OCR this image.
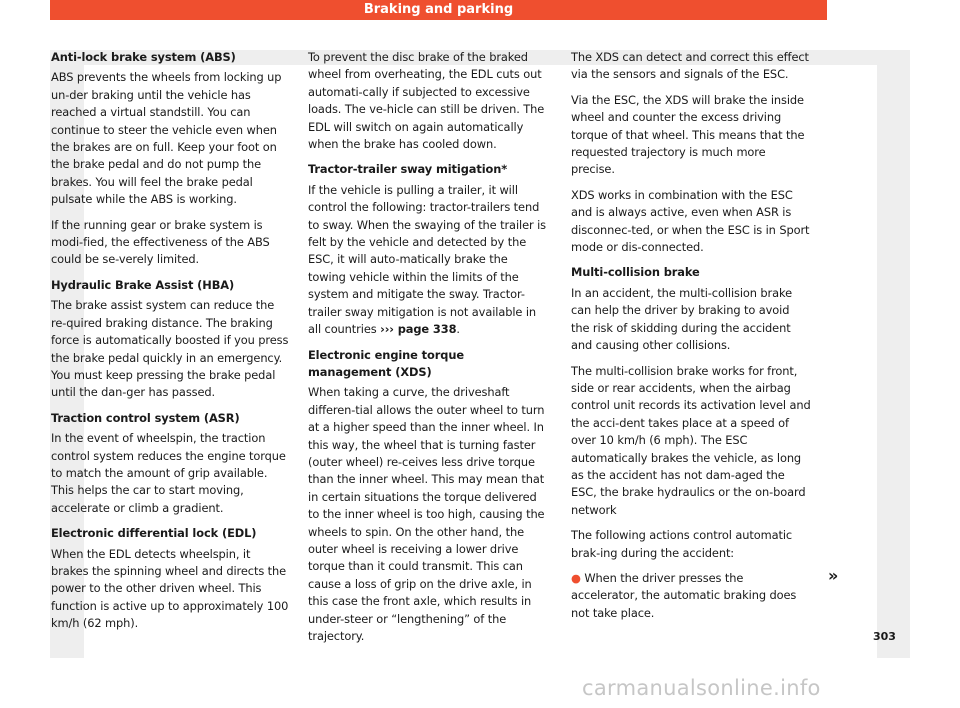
Braking and parking
Anti-lock brake system (ABS)

ABS prevents the wheels from locking up un-der braking until the vehicle has reached a virtual standstill. You can continue to steer the vehicle even when the brakes are on full. Keep your foot on the brake pedal and do not pump the brakes. You will feel the brake pedal pulsate while the ABS is working.

If the running gear or brake system is modi-fied, the effectiveness of the ABS could be se-verely limited.

Hydraulic Brake Assist (HBA)

The brake assist system can reduce the re-quired braking distance. The braking force is automatically boosted if you press the brake pedal quickly in an emergency. You must keep pressing the brake pedal until the dan-ger has passed.

Traction control system (ASR)

In the event of wheelspin, the traction control system reduces the engine torque to match the amount of grip available. This helps the car to start moving, accelerate or climb a gradient.

Electronic differential lock (EDL)

When the EDL detects wheelspin, it brakes the spinning wheel and directs the power to the other driven wheel. This function is active up to approximately 100 km/h (62 mph).

To prevent the disc brake of the braked wheel from overheating, the EDL cuts out automati-cally if subjected to excessive loads. The ve-hicle can still be driven. The EDL will switch on again automatically when the brake has cooled down.

Tractor-trailer sway mitigation*

If the vehicle is pulling a trailer, it will control the following: tractor-trailers tend to sway. When the swaying of the trailer is felt by the vehicle and detected by the ESC, it will auto-matically brake the towing vehicle within the limits of the system and mitigate the sway. Tractor-trailer sway mitigation is not available in all countries ››› page 338.

Electronic engine torque management (XDS)

When taking a curve, the driveshaft differen-tial allows the outer wheel to turn at a higher speed than the inner wheel. In this way, the wheel that is turning faster (outer wheel) re-ceives less drive torque than the inner wheel. This may mean that in certain situations the torque delivered to the inner wheel is too high, causing the wheels to spin. On the other hand, the outer wheel is receiving a lower drive torque than it could transmit. This can cause a loss of grip on the drive axle, in this case the front axle, which results in under-steer or “lengthening” of the trajectory.

The XDS can detect and correct this effect via the sensors and signals of the ESC.

Via the ESC, the XDS will brake the inside wheel and counter the excess driving torque of that wheel. This means that the requested trajectory is much more precise.

XDS works in combination with the ESC and is always active, even when ASR is disconnec-ted, or when the ESC is in Sport mode or dis-connected.

Multi-collision brake

In an accident, the multi-collision brake can help the driver by braking to avoid the risk of skidding during the accident and causing other collisions.

The multi-collision brake works for front, side or rear accidents, when the airbag control unit records its activation level and the acci-dent takes place at a speed of over 10 km/h (6 mph). The ESC automatically brakes the vehicle, as long as the accident has not dam-aged the ESC, the brake hydraulics or the on-board network

The following actions control automatic brak-ing during the accident:

● When the driver presses the accelerator, the automatic braking does not take place.

»
303
carmanualsonline.info
